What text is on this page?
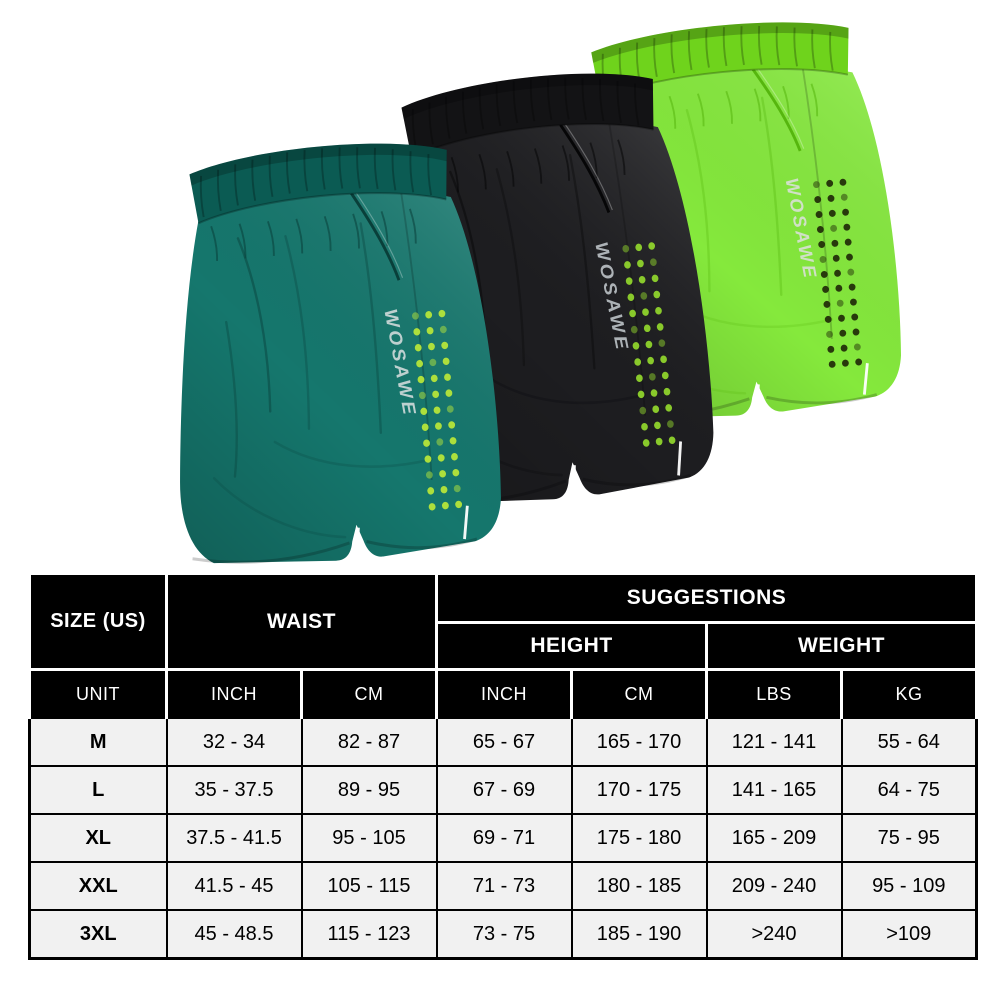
SIZE (US)	WAIST		SUGGESTIONS			
			HEIGHT		WEIGHT	
UNIT	INCH	CM	INCH	CM	LBS	KG
M	32 - 34	82 - 87	65 - 67	165 - 170	121 - 141	55 - 64
L	35 - 37.5	89 - 95	67 - 69	170 - 175	141 - 165	64 - 75
XL	37.5 - 41.5	95 - 105	69 - 71	175 - 180	165 - 209	75 - 95
XXL	41.5 - 45	105 - 115	71 - 73	180 - 185	209 - 240	95 - 109
3XL	45 - 48.5	115 - 123	73 - 75	185 - 190	>240	>109
